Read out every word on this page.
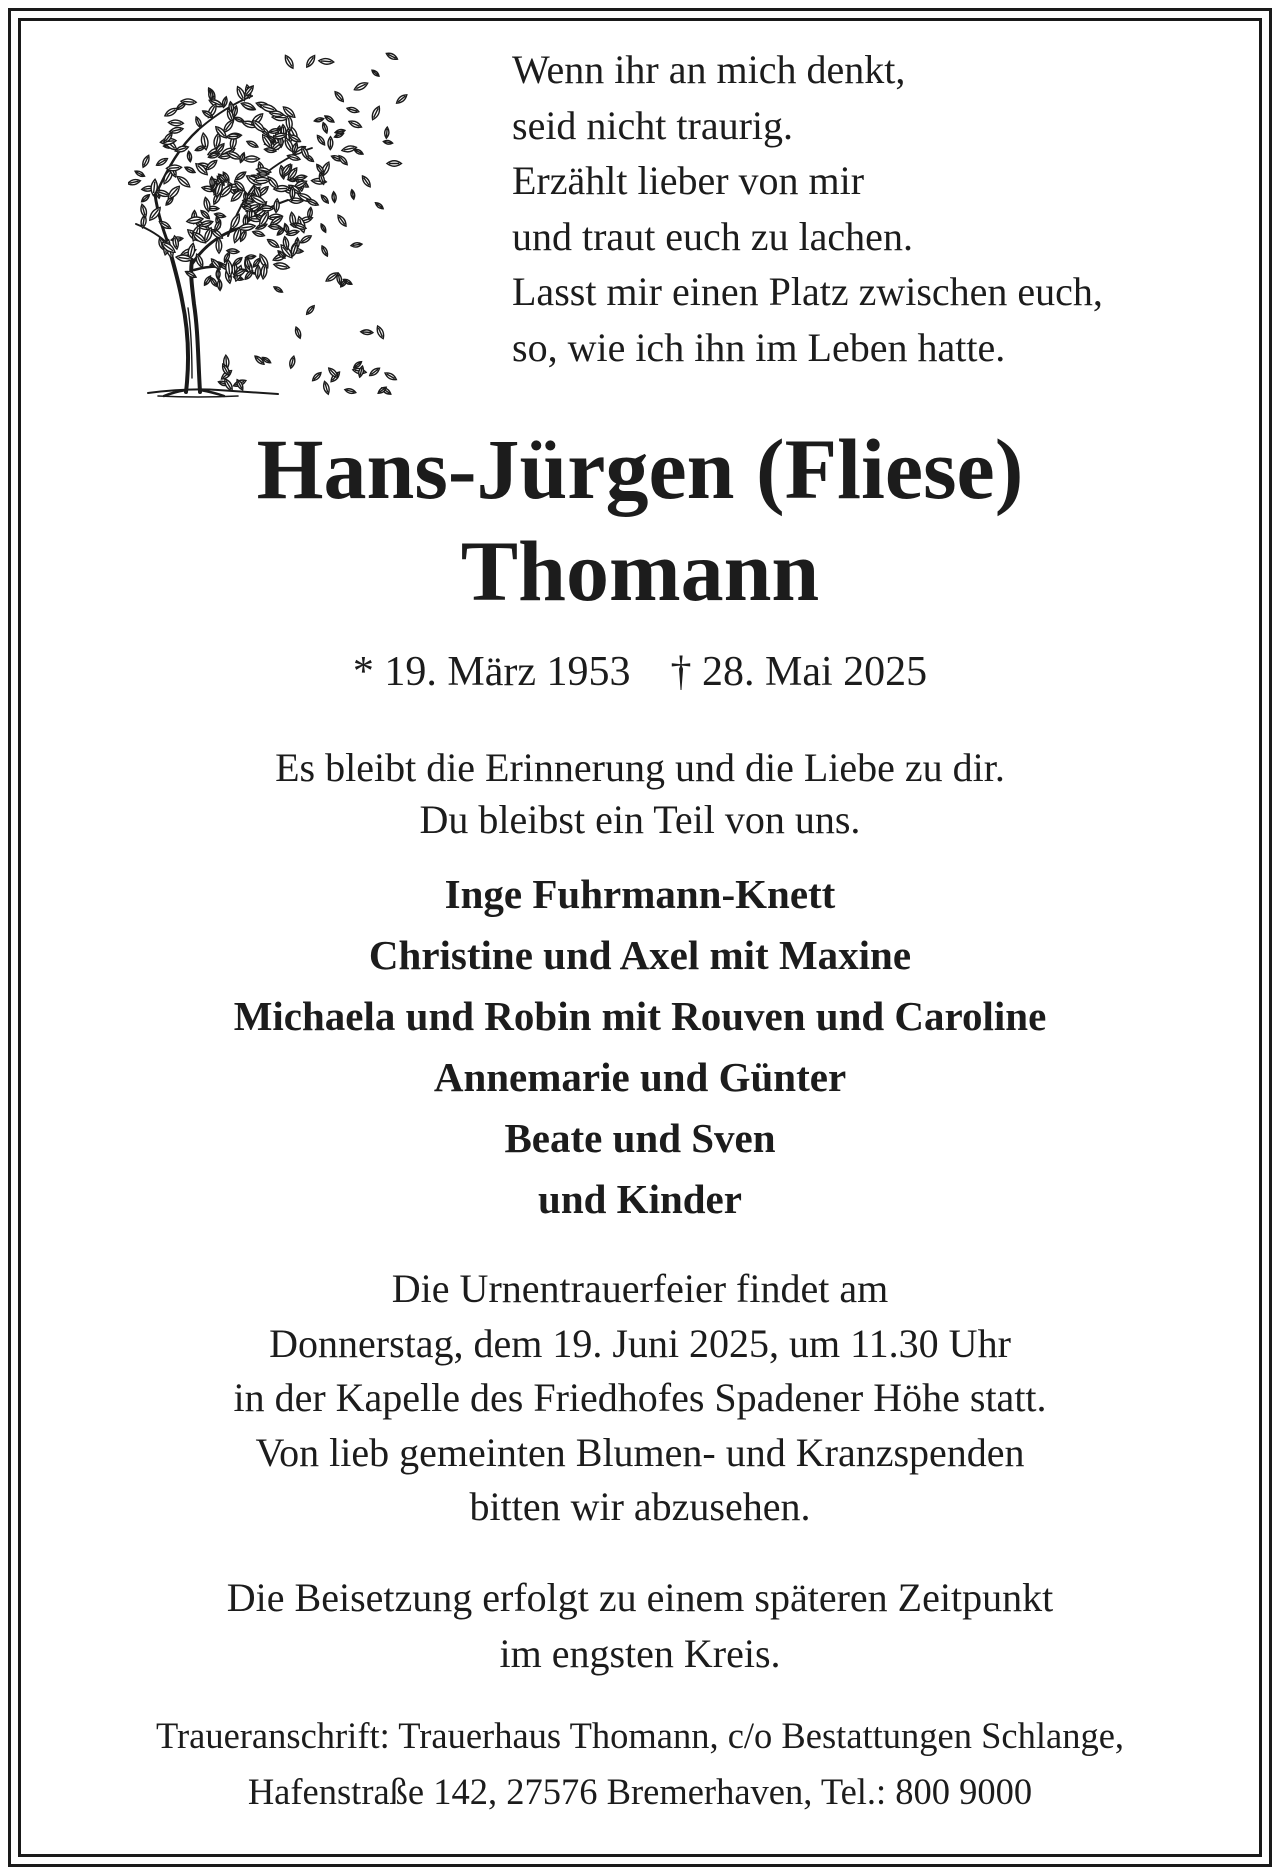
Wenn ihr an mich denkt,
seid nicht traurig.
Erzählt lieber von mir
und traut euch zu lachen.
Lasst mir einen Platz zwischen euch,
so, wie ich ihn im Leben hatte.
Hans-Jürgen (Fliese)
Thomann
* 19. März 1953 † 28. Mai 2025
Es bleibt die Erinnerung und die Liebe zu dir.
Du bleibst ein Teil von uns.
Inge Fuhrmann-Knett
Christine und Axel mit Maxine
Michaela und Robin mit Rouven und Caroline
Annemarie und Günter
Beate und Sven
und Kinder
Die Urnentrauerfeier findet am
Donnerstag, dem 19. Juni 2025, um 11.30 Uhr
in der Kapelle des Friedhofes Spadener Höhe statt.
Von lieb gemeinten Blumen- und Kranzspenden
bitten wir abzusehen.
Die Beisetzung erfolgt zu einem späteren Zeitpunkt
im engsten Kreis.
Traueranschrift: Trauerhaus Thomann, c/o Bestattungen Schlange,
Hafenstraße 142, 27576 Bremerhaven, Tel.: 800 9000
